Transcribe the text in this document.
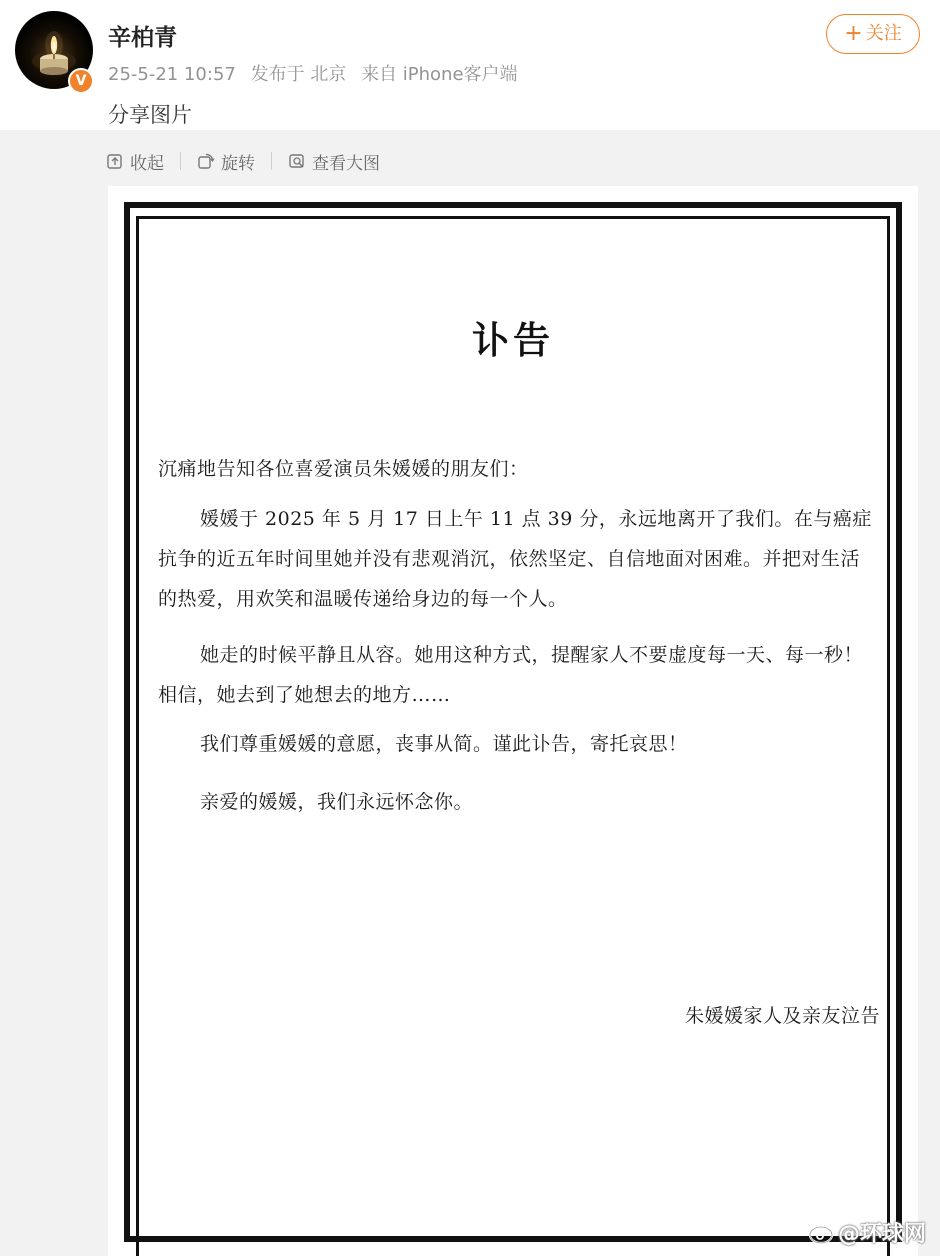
V
辛柏青
25-5-21 10:57 发布于 北京 来自 iPhone客户端
+ 关注
分享图片
收起	旋转	查看大图
讣告
沉痛地告知各位喜爱演员朱媛媛的朋友们：
媛媛于 2025 年 5 月 17 日上午 11 点 39 分，永远地离开了我们。在与癌症抗争的近五年时间里她并没有悲观消沉，依然坚定、自信地面对困难。并把对生活的热爱，用欢笑和温暖传递给身边的每一个人。
她走的时候平静且从容。她用这种方式，提醒家人不要虚度每一天、每一秒！相信，她去到了她想去的地方……
我们尊重媛媛的意愿，丧事从简。谨此讣告，寄托哀思！
亲爱的媛媛，我们永远怀念你。
朱媛媛家人及亲友泣告
@环球网
